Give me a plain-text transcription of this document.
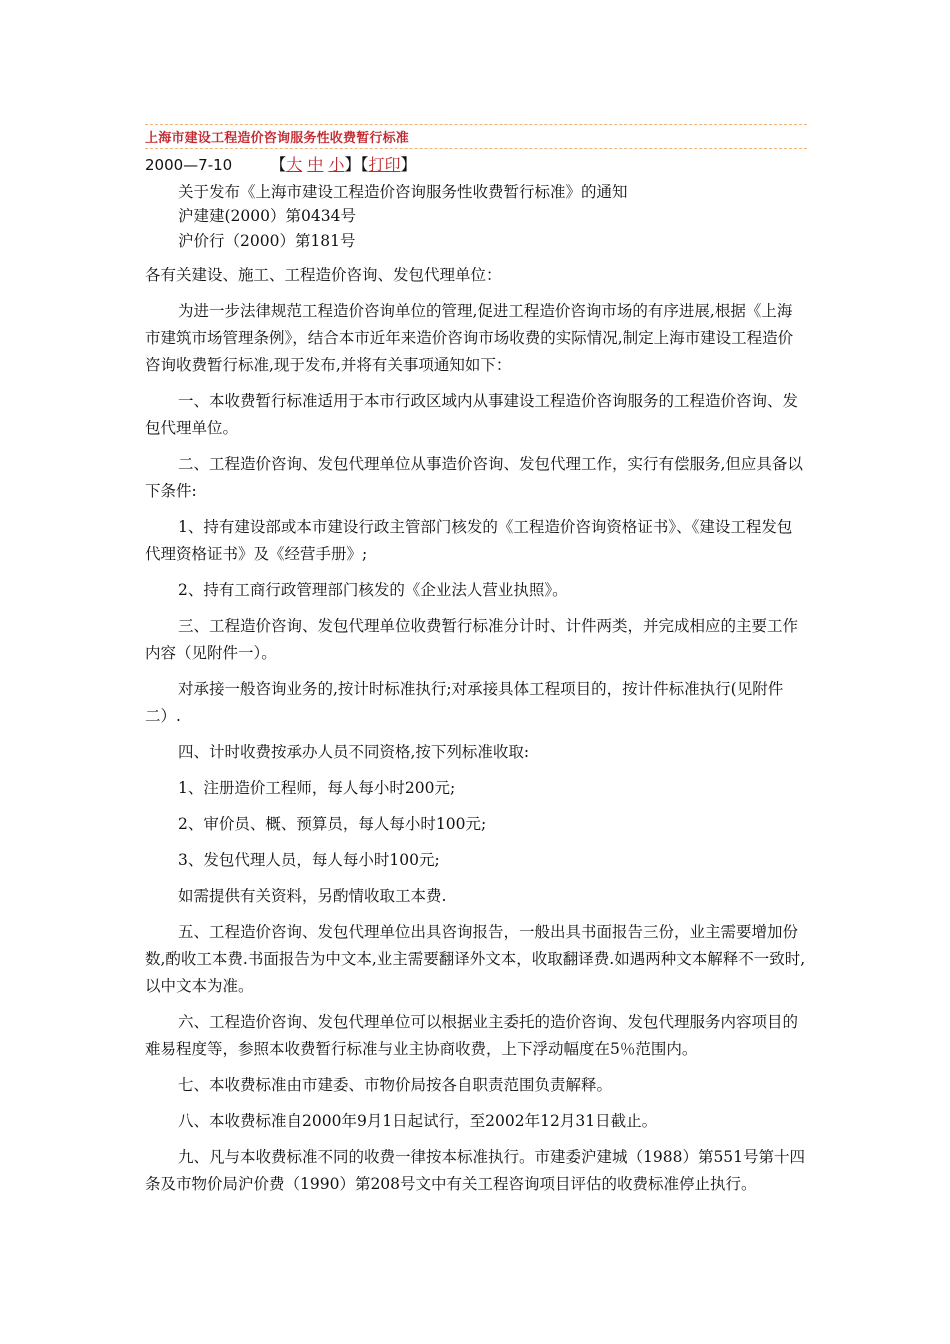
上海市建设工程造价咨询服务性收费暂行标准
2000—7-10 【大 中 小】【打印】
关于发布《上海市建设工程造价咨询服务性收费暂行标准》的通知
沪建建(2000）第0434号
沪价行（2000）第181号

各有关建设、施工、工程造价咨询、发包代理单位：

为进一步法律规范工程造价咨询单位的管理,促进工程造价咨询市场的有序进展,根据《上海市建筑市场管理条例》，结合本市近年来造价咨询市场收费的实际情况,制定上海市建设工程造价咨询收费暂行标准,现于发布,并将有关事项通知如下：

一、本收费暂行标准适用于本市行政区域内从事建设工程造价咨询服务的工程造价咨询、发包代理单位。

二、工程造价咨询、发包代理单位从事造价咨询、发包代理工作，实行有偿服务,但应具备以下条件:

1、持有建设部或本市建设行政主管部门核发的《工程造价咨询资格证书》、《建设工程发包代理资格证书》及《经营手册》;

2、持有工商行政管理部门核发的《企业法人营业执照》。

三、工程造价咨询、发包代理单位收费暂行标准分计时、计件两类，并完成相应的主要工作内容（见附件一）。

对承接一般咨询业务的,按计时标准执行;对承接具体工程项目的，按计件标准执行(见附件二）.

四、计时收费按承办人员不同资格,按下列标准收取:

1、注册造价工程师，每人每小时200元;

2、审价员、概、预算员，每人每小时100元;

3、发包代理人员，每人每小时100元;

如需提供有关资料，另酌情收取工本费.

五、工程造价咨询、发包代理单位出具咨询报告，一般出具书面报告三份，业主需要增加份数,酌收工本费.书面报告为中文本,业主需要翻译外文本，收取翻译费.如遇两种文本解释不一致时,以中文本为准。

六、工程造价咨询、发包代理单位可以根据业主委托的造价咨询、发包代理服务内容项目的难易程度等，参照本收费暂行标准与业主协商收费，上下浮动幅度在5％范围内。

七、本收费标准由市建委、市物价局按各自职责范围负责解释。

八、本收费标准自2000年9月1日起试行，至2002年12月31日截止。

九、凡与本收费标准不同的收费一律按本标准执行。市建委沪建城（1988）第551号第十四条及市物价局沪价费（1990）第208号文中有关工程咨询项目评估的收费标准停止执行。
